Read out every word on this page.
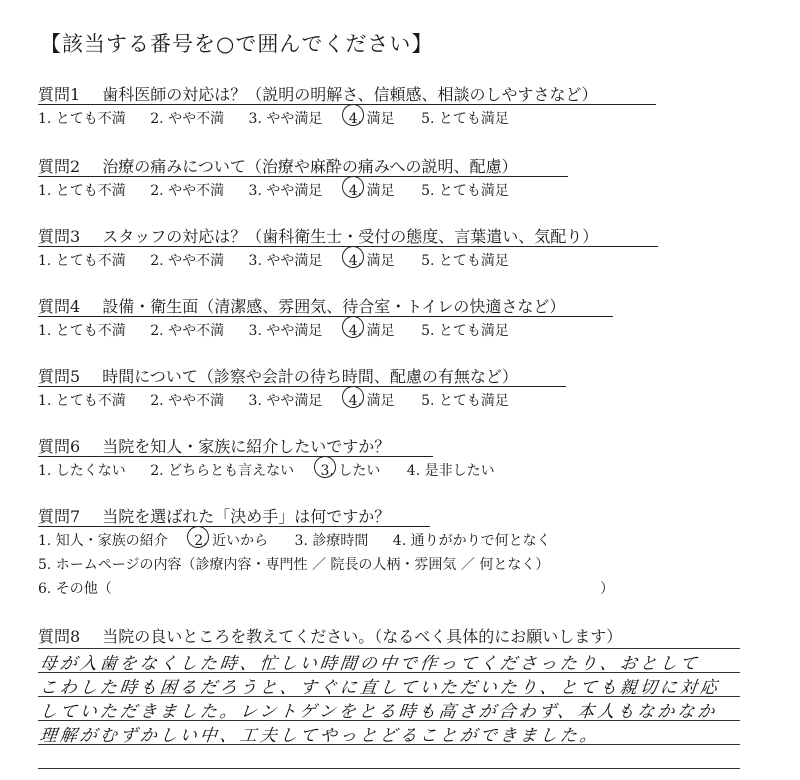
【該当する番号を○で囲んでください】
質問1 歯科医師の対応は？（説明の明解さ、信頼感、相談のしやすさなど）
1. とても不満 2. やや不満 3. やや満足 4. 満足 5. とても満足
質問2 治療の痛みについて（治療や麻酔の痛みへの説明、配慮）
1. とても不満 2. やや不満 3. やや満足 4. 満足 5. とても満足
質問3 スタッフの対応は？（歯科衛生士・受付の態度、言葉遣い、気配り）
1. とても不満 2. やや不満 3. やや満足 4. 満足 5. とても満足
質問4 設備・衛生面（清潔感、雰囲気、待合室・トイレの快適さなど）
1. とても不満 2. やや不満 3. やや満足 4. 満足 5. とても満足
質問5 時間について（診察や会計の待ち時間、配慮の有無など）
1. とても不満 2. やや不満 3. やや満足 4. 満足 5. とても満足
質問6 当院を知人・家族に紹介したいですか？
1. したくない 2. どちらとも言えない 3. したい 4. 是非したい
質問7 当院を選ばれた「決め手」は何ですか？
1. 知人・家族の紹介 2. 近いから 3. 診療時間 4. 通りがかりで何となく
5. ホームページの内容（診療内容・専門性 ／ 院長の人柄・雰囲気 ／ 何となく）
6. その他（	）
質問8 当院の良いところを教えてください。（なるべく具体的にお願いします）
母が入歯をなくした時、忙しい時間の中で作ってくださったり、おとして
こわした時も困るだろうと、すぐに直していただいたり、とても親切に対応
していただきました。レントゲンをとる時も高さが合わず、本人もなかなか
理解がむずかしい中、工夫してやっとどることができました。
